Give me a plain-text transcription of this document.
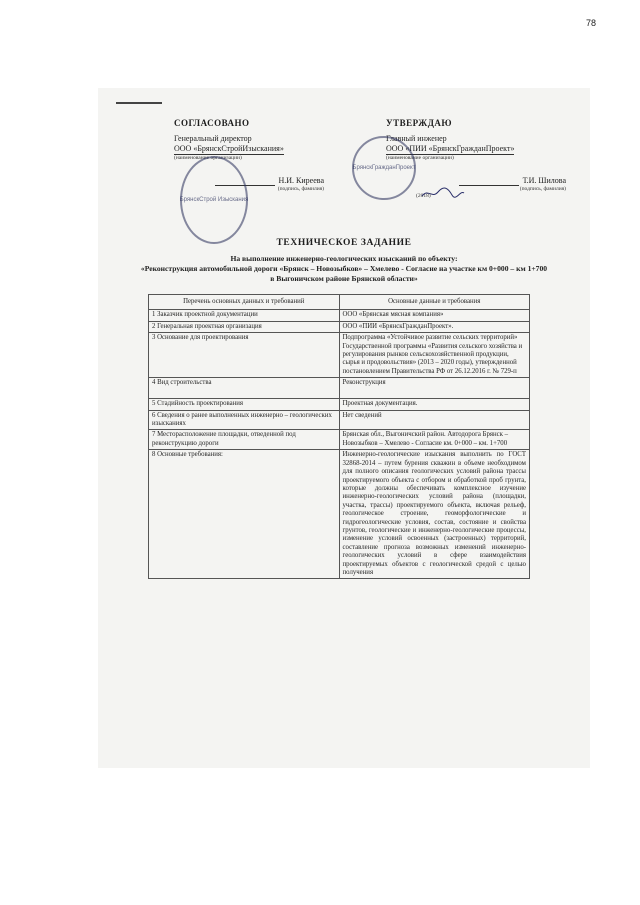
78
СОГЛАСОВАНО
Генеральный директор
ООО «БрянскСтройИзыскания»
(наименование организации)
Н.И. Киреева
(подпись, фамилия)
УТВЕРЖДАЮ
Главный инженер
ООО «ПИИ «БрянскГражданПроект»
(наименование организации)
Т.И. Шилова
(подпись, фамилия)
(2018)
БрянскСтрой Изыскания
БрянскГражданПроект
ТЕХНИЧЕСКОЕ ЗАДАНИЕ
На выполнение инженерно-геологических изысканий по объекту:
«Реконструкция автомобильной дороги «Брянск – Новозыбков» – Хмелево - Согласие на участке км 0+000 – км 1+700 в Выгоничском районе Брянской области»
Перечень основных данных и требований	Основные данные и требования
1 Заказчик проектной документации	ООО «Брянская мясная компания»
2 Генеральная проектная организация	ООО «ПИИ «БрянскГражданПроект».
3 Основание для проектирования	Подпрограмма «Устойчивое развитие сельских территорий» Государственной программы «Развития сельского хозяйства и регулирования рынков сельскохозяйственной продукции, сырья и продовольствия» (2013 – 2020 годы), утвержденной постановлением Правительства РФ от 26.12.2016 г. № 729-п
4 Вид строительства	Реконструкция
5 Стадийность проектирования	Проектная документация.
6 Сведения о ранее выполненных инженерно – геологических изысканиях	Нет сведений
7 Месторасположение площадки, отведенной под реконструкцию дороги	Брянская обл., Выгоничский район. Автодорога Брянск – Новозыбков – Хмелево - Согласие км. 0+000 – км. 1+700
8 Основные требования:	Инженерно-геологические изыскания выполнить по ГОСТ 32868-2014 – путем бурения скважин в объеме необходимом для полного описания геологических условий района трассы проектируемого объекта с отбором и обработкой проб грунта, которые должны обеспечивать комплексное изучение инженерно-геологических условий района (площадки, участка, трассы) проектируемого объекта, включая рельеф, геологическое строение, геоморфологические и гидрогеологические условия, состав, состояние и свойства грунтов, геологические и инженерно-геологические процессы, изменение условий освоенных (застроенных) территорий, составление прогноза возможных изменений инженерно-геологических условий в сфере взаимодействия проектируемых объектов с геологической средой с целью получения
